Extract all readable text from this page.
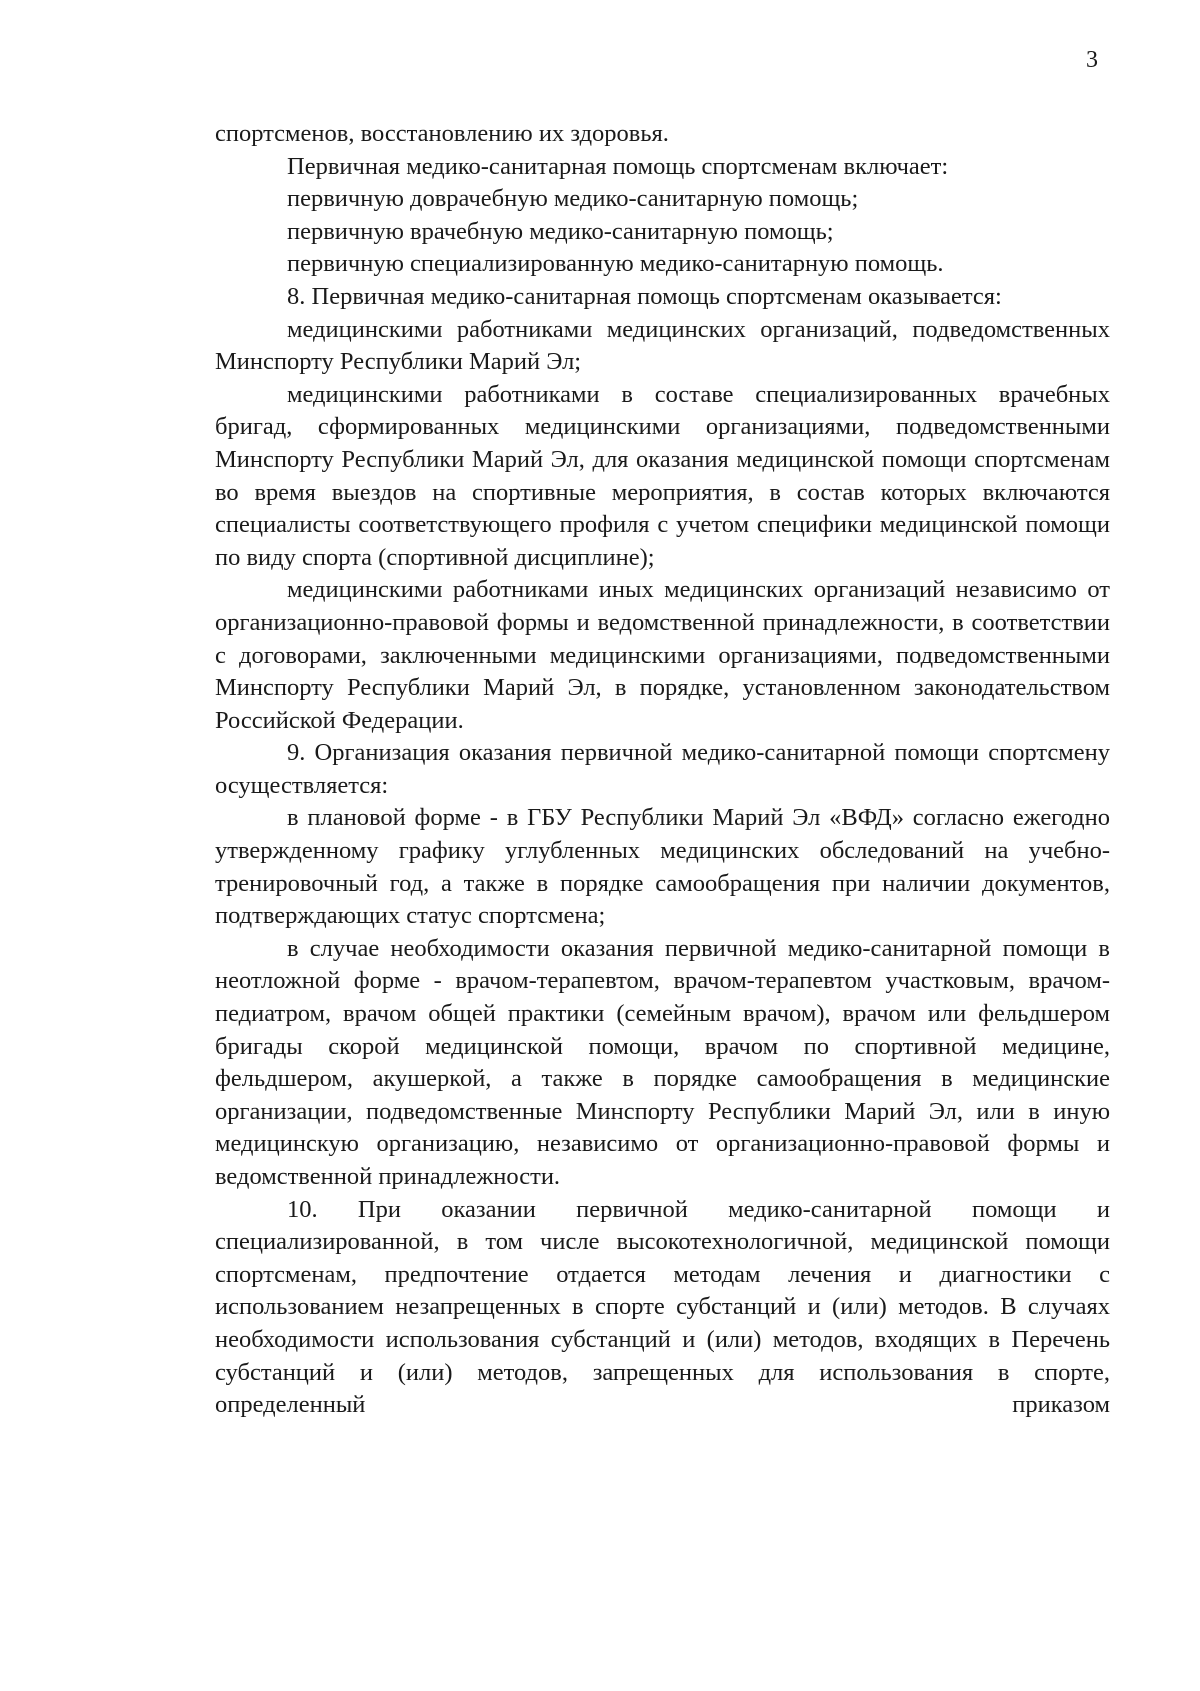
3

спортсменов, восстановлению их здоровья.

Первичная медико-санитарная помощь спортсменам включает:

первичную доврачебную медико-санитарную помощь;

первичную врачебную медико-санитарную помощь;

первичную специализированную медико-санитарную помощь.

8. Первичная медико-санитарная помощь спортсменам оказывается:

медицинскими работниками медицинских организаций, подведомственных Минспорту Республики Марий Эл;

медицинскими работниками в составе специализированных врачебных бригад, сформированных медицинскими организациями, подведомственными Минспорту Республики Марий Эл, для оказания медицинской помощи спортсменам во время выездов на спортивные мероприятия, в состав которых включаются специалисты соответствующего профиля с учетом специфики медицинской помощи по виду спорта (спортивной дисциплине);

медицинскими работниками иных медицинских организаций независимо от организационно-правовой формы и ведомственной принадлежности, в соответствии с договорами, заключенными медицинскими организациями, подведомственными Минспорту Республики Марий Эл, в порядке, установленном законодательством Российской Федерации.

9. Организация оказания первичной медико-санитарной помощи спортсмену осуществляется:

в плановой форме - в ГБУ Республики Марий Эл «ВФД» согласно ежегодно утвержденному графику углубленных медицинских обследований на учебно-тренировочный год, а также в порядке самообращения при наличии документов, подтверждающих статус спортсмена;

в случае необходимости оказания первичной медико-санитарной помощи в неотложной форме - врачом-терапевтом, врачом-терапевтом участковым, врачом-педиатром, врачом общей практики (семейным врачом), врачом или фельдшером бригады скорой медицинской помощи, врачом по спортивной медицине, фельдшером, акушеркой, а также в порядке самообращения в медицинские организации, подведомственные Минспорту Республики Марий Эл, или в иную медицинскую организацию, независимо от организационно-правовой формы и ведомственной принадлежности.

10. При оказании первичной медико-санитарной помощи и специализированной, в том числе высокотехнологичной, медицинской помощи спортсменам, предпочтение отдается методам лечения и диагностики с использованием незапрещенных в спорте субстанций и (или) методов. В случаях необходимости использования субстанций и (или) методов, входящих в Перечень субстанций и (или) методов, запрещенных для использования в спорте, определенный приказом
